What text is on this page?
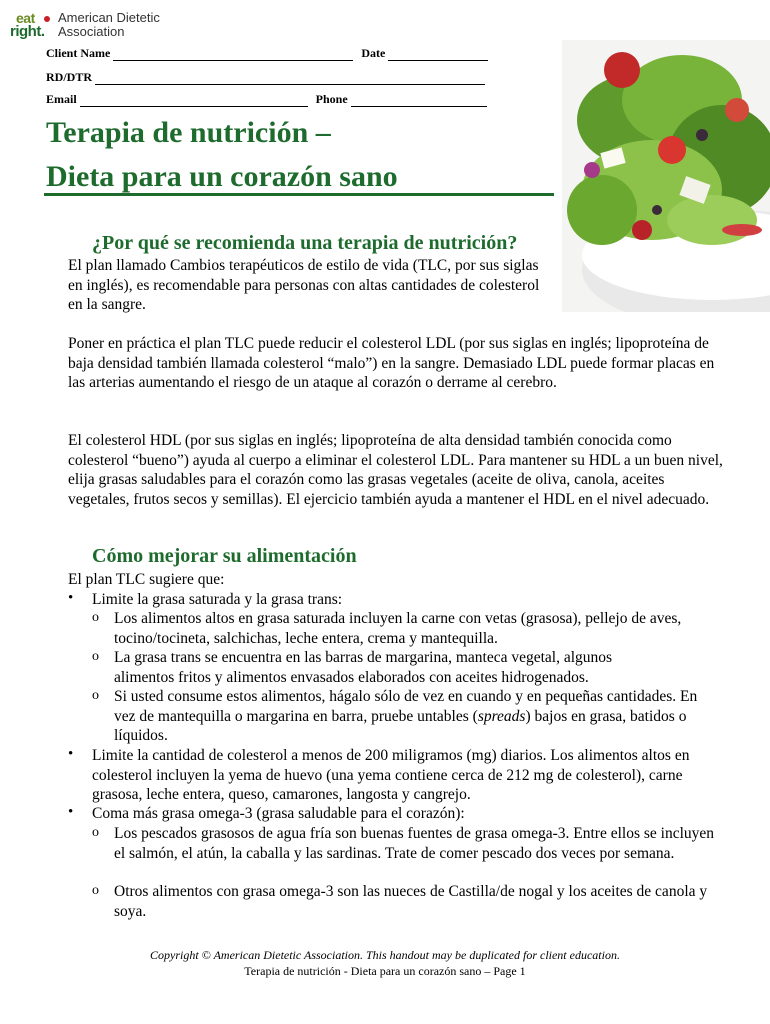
eat
right.
American Dietetic
Association
Client Name	Date
RD/DTR
Email	Phone
Terapia de nutrición –
Dieta para un corazón sano
¿Por qué se recomienda una terapia de nutrición?

El plan llamado Cambios terapéuticos de estilo de vida (TLC, por sus siglas en inglés), es recomendable para personas con altas cantidades de colesterol en la sangre.

Poner en práctica el plan TLC puede reducir el colesterol LDL (por sus siglas en inglés; lipoproteína de baja densidad también llamada colesterol “malo”) en la sangre. Demasiado LDL puede formar placas en las arterias aumentando el riesgo de un ataque al corazón o derrame al cerebro.

El colesterol HDL (por sus siglas en inglés; lipoproteína de alta densidad también conocida como colesterol “bueno”) ayuda al cuerpo a eliminar el colesterol LDL. Para mantener su HDL a un buen nivel, elija grasas saludables para el corazón como las grasas vegetales (aceite de oliva, canola, aceites vegetales, frutos secos y semillas). El ejercicio también ayuda a mantener el HDL en el nivel adecuado.

Cómo mejorar su alimentación
El plan TLC sugiere que:
• Limite la grasa saturada y la grasa trans:
o Los alimentos altos en grasa saturada incluyen la carne con vetas (grasosa), pellejo de aves, tocino/tocineta, salchichas, leche entera, crema y mantequilla.
o La grasa trans se encuentra en las barras de margarina, manteca vegetal, algunos alimentos fritos y alimentos envasados elaborados con aceites hidrogenados.
o Si usted consume estos alimentos, hágalo sólo de vez en cuando y en pequeñas cantidades. En vez de mantequilla o margarina en barra, pruebe untables (spreads) bajos en grasa, batidos o líquidos.
• Limite la cantidad de colesterol a menos de 200 miligramos (mg) diarios. Los alimentos altos en colesterol incluyen la yema de huevo (una yema contiene cerca de 212 mg de colesterol), carne grasosa, leche entera, queso, camarones, langosta y cangrejo.
• Coma más grasa omega-3 (grasa saludable para el corazón):
o Los pescados grasosos de agua fría son buenas fuentes de grasa omega-3. Entre ellos se incluyen el salmón, el atún, la caballa y las sardinas. Trate de comer pescado dos veces por semana.
o Otros alimentos con grasa omega-3 son las nueces de Castilla/de nogal y los aceites de canola y soya.
Copyright © American Dietetic Association. This handout may be duplicated for client education.
Terapia de nutrición - Dieta para un corazón sano – Page 1
